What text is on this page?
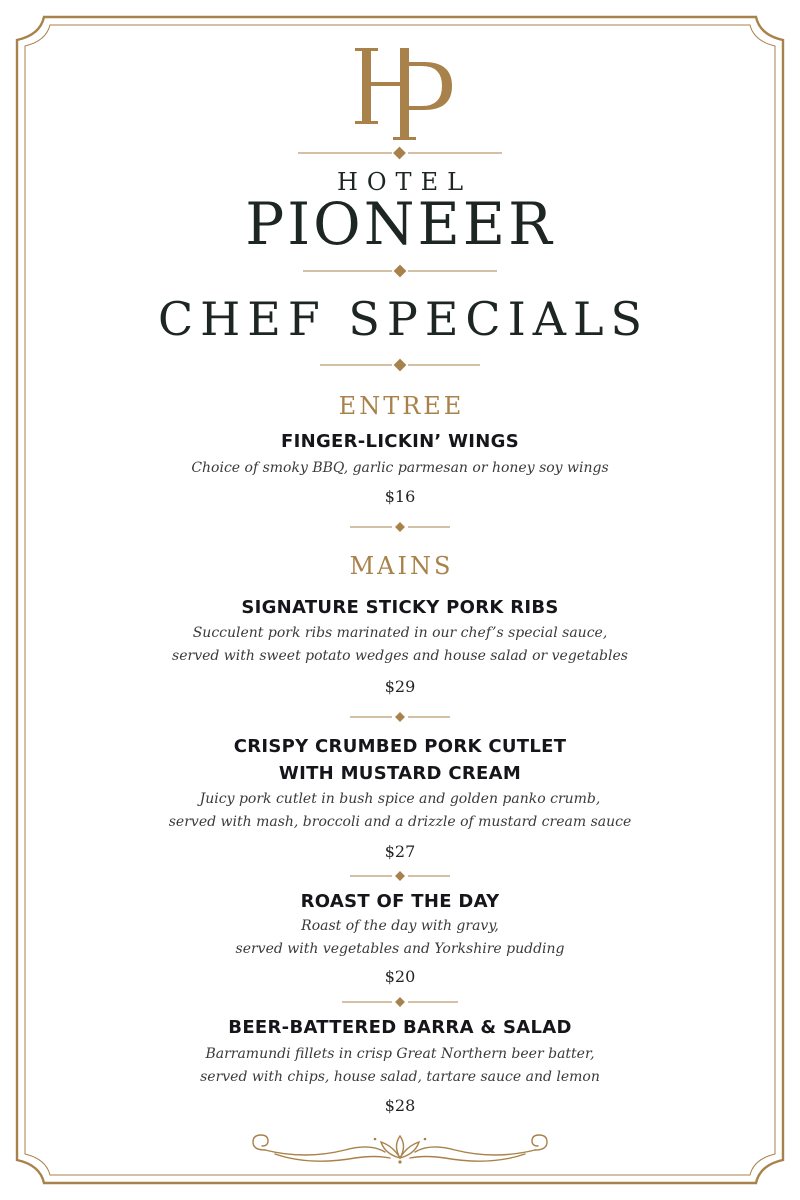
HOTEL
PIONEER
CHEF SPECIALS
ENTREE
FINGER-LICKIN’ WINGS
Choice of smoky BBQ, garlic parmesan or honey soy wings
$16
MAINS
SIGNATURE STICKY PORK RIBS
Succulent pork ribs marinated in our chef’s special sauce,
served with sweet potato wedges and house salad or vegetables
$29
CRISPY CRUMBED PORK CUTLET
WITH MUSTARD CREAM
Juicy pork cutlet in bush spice and golden panko crumb,
served with mash, broccoli and a drizzle of mustard cream sauce
$27
ROAST OF THE DAY
Roast of the day with gravy,
served with vegetables and Yorkshire pudding
$20
BEER-BATTERED BARRA & SALAD
Barramundi fillets in crisp Great Northern beer batter,
served with chips, house salad, tartare sauce and lemon
$28
